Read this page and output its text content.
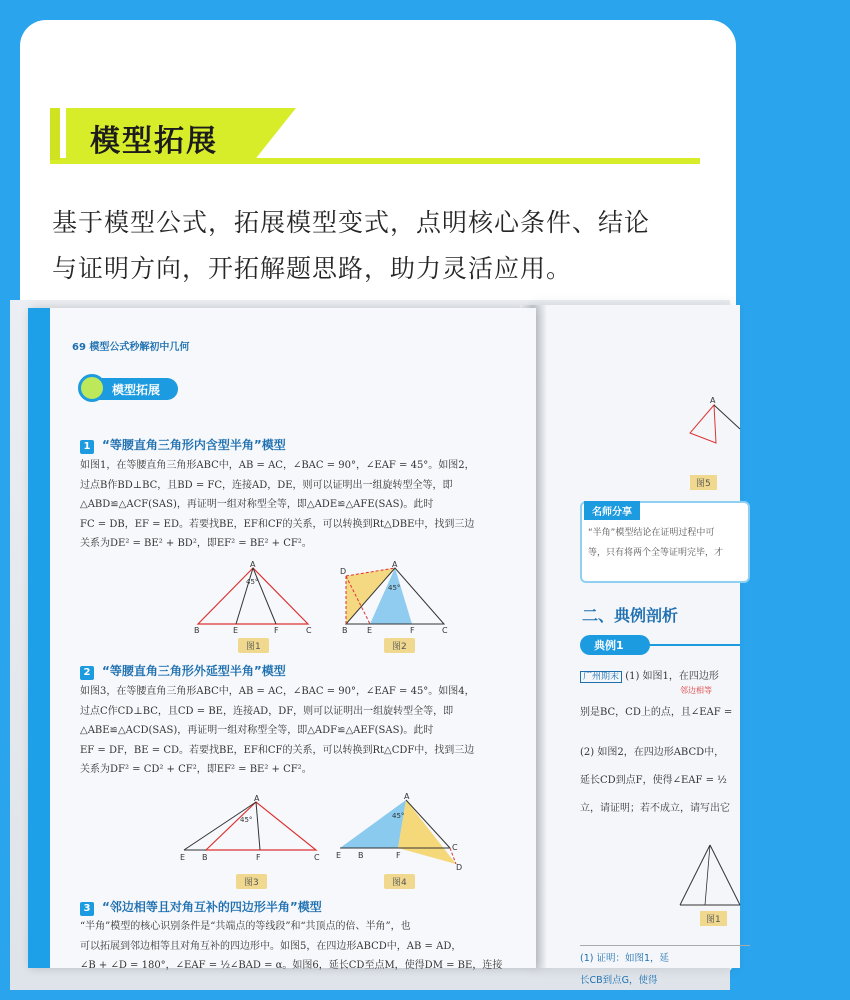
模型拓展
基于模型公式，拓展模型变式，点明核心条件、结论
与证明方向，开拓解题思路，助力灵活应用。
A
图5
名师分享
“半角”模型结论在证明过程中可
等，只有将两个全等证明完毕，才
二、典例剖析
典例1
广州期末 (1) 如图1，在四边形
邻边相等
别是BC，CD上的点，且∠EAF =
(2) 如图2，在四边形ABCD中，
延长CD到点F，使得∠EAF = ½
立，请证明；若不成立，请写出它
图1
(1) 证明：如图1，延
长CB到点G，使得
69 模型公式秒解初中几何
模型拓展
1 “等腰直角三角形内含型半角”模型
如图1，在等腰直角三角形ABC中，AB = AC，∠BAC = 90°，∠EAF = 45°。如图2，
过点B作BD⊥BC，且BD = FC，连接AD，DE，则可以证明出一组旋转型全等，即
△ABD≌△ACF(SAS)，再证明一组对称型全等，即△ADE≌△AFE(SAS)。此时
FC = DB，EF = ED。若要找BE，EF和CF的关系，可以转换到Rt△DBE中，找到三边
关系为DE² = BE² + BD²，即EF² = BE² + CF²。
A
45°
B	E	F	C
图1
A
45°
D
B E	F	C
图2
2 “等腰直角三角形外延型半角”模型
如图3，在等腰直角三角形ABC中，AB = AC，∠BAC = 90°，∠EAF = 45°。如图4，
过点C作CD⊥BC，且CD = BE，连接AD，DF，则可以证明出一组旋转型全等，即
△ABE≌△ACD(SAS)，再证明一组对称型全等，即△ADF≌△AEF(SAS)。此时
EF = DF，BE = CD。若要找BE，EF和CF的关系，可以转换到Rt△CDF中，找到三边
关系为DF² = CD² + CF²，即EF² = BE² + CF²。
A
45°
E B	F	C
图3
A
45°
E B	F
C
D
图4
3 “邻边相等且对角互补的四边形半角”模型
“半角”模型的核心识别条件是“共端点的等线段”和“共顶点的倍、半角”，也
可以拓展到邻边相等且对角互补的四边形中。如图5，在四边形ABCD中，AB = AD，
∠B + ∠D = 180°，∠EAF = ½∠BAD = α。如图6，延长CD至点M，使得DM = BE，连接
